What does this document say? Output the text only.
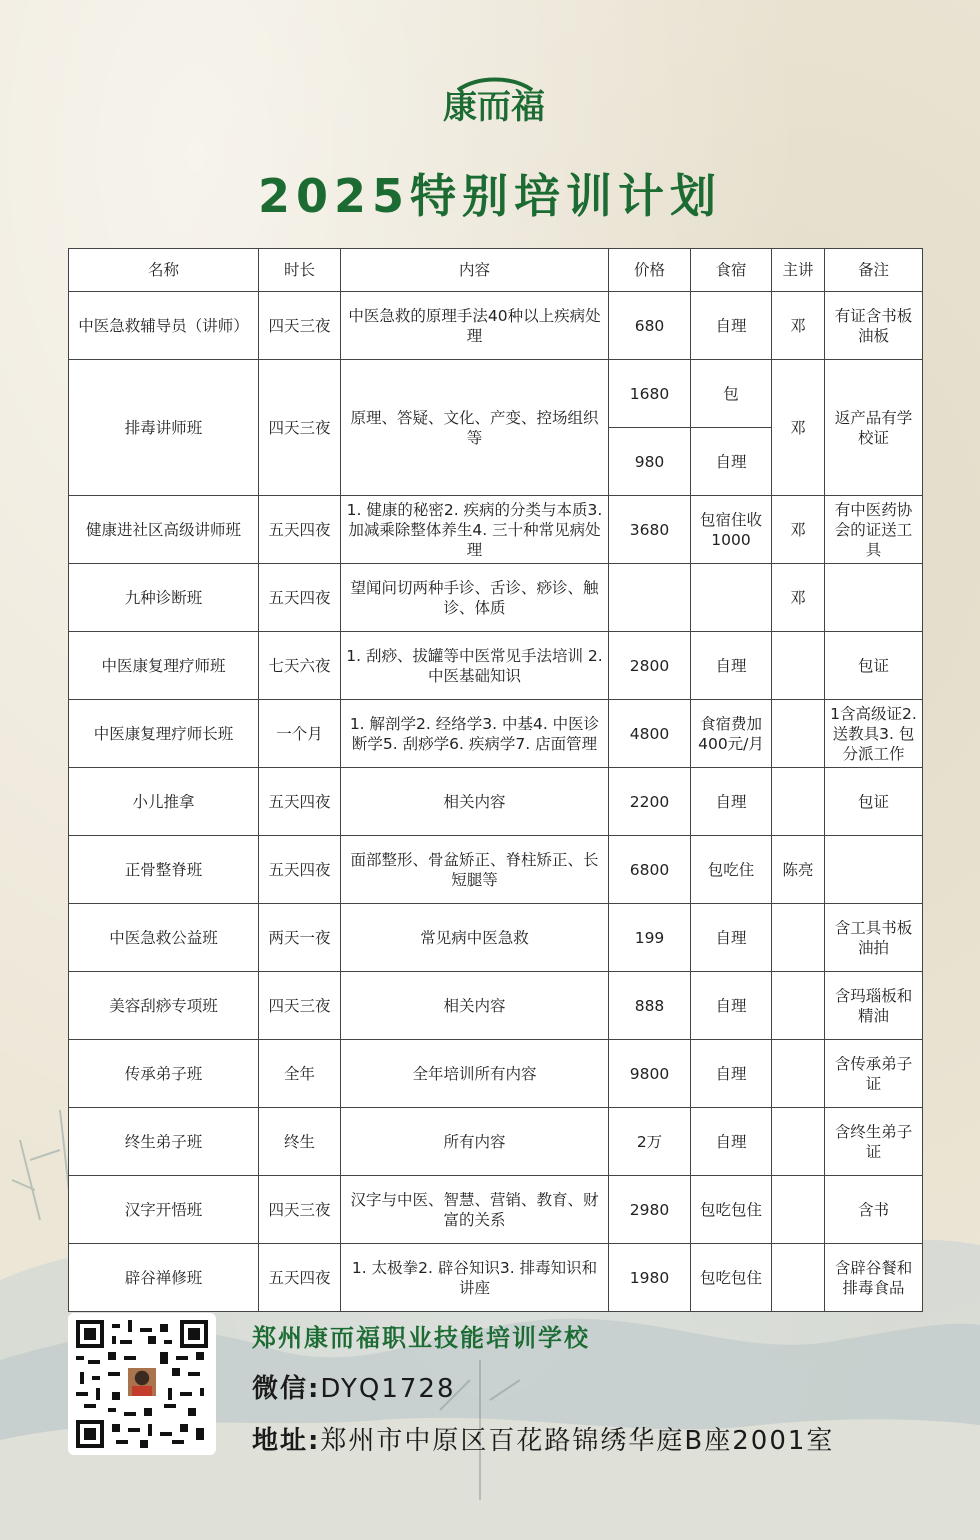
康而福
2025特别培训计划
名称	时长	内容	价格	食宿	主讲	备注
中医急救辅导员（讲师）	四天三夜	中医急救的原理手法40种以上疾病处理	680	自理	邓	有证含书板油板
排毒讲师班	四天三夜	原理、答疑、文化、产变、控场组织等	1680	包	邓	返产品有学校证
			980	自理		
健康进社区高级讲师班	五天四夜	1. 健康的秘密2. 疾病的分类与本质3. 加减乘除整体养生4. 三十种常见病处理	3680	包宿住收1000	邓	有中医药协会的证送工具
九种诊断班	五天四夜	望闻问切两种手诊、舌诊、痧诊、触诊、体质			邓	
中医康复理疗师班	七天六夜	1. 刮痧、拔罐等中医常见手法培训 2. 中医基础知识	2800	自理		包证
中医康复理疗师长班	一个月	1. 解剖学2. 经络学3. 中基4. 中医诊断学5. 刮痧学6. 疾病学7. 店面管理	4800	食宿费加400元/月		1含高级证2. 送教具3. 包分派工作
小儿推拿	五天四夜	相关内容	2200	自理		包证
正骨整脊班	五天四夜	面部整形、骨盆矫正、脊柱矫正、长短腿等	6800	包吃住	陈亮	
中医急救公益班	两天一夜	常见病中医急救	199	自理		含工具书板油拍
美容刮痧专项班	四天三夜	相关内容	888	自理		含玛瑙板和精油
传承弟子班	全年	全年培训所有内容	9800	自理		含传承弟子证
终生弟子班	终生	所有内容	2万	自理		含终生弟子证
汉字开悟班	四天三夜	汉字与中医、智慧、营销、教育、财富的关系	2980	包吃包住		含书
辟谷禅修班	五天四夜	1. 太极拳2. 辟谷知识3. 排毒知识和讲座	1980	包吃包住		含辟谷餐和排毒食品
郑州康而福职业技能培训学校
微信:DYQ1728
地址:郑州市中原区百花路锦绣华庭B座2001室
